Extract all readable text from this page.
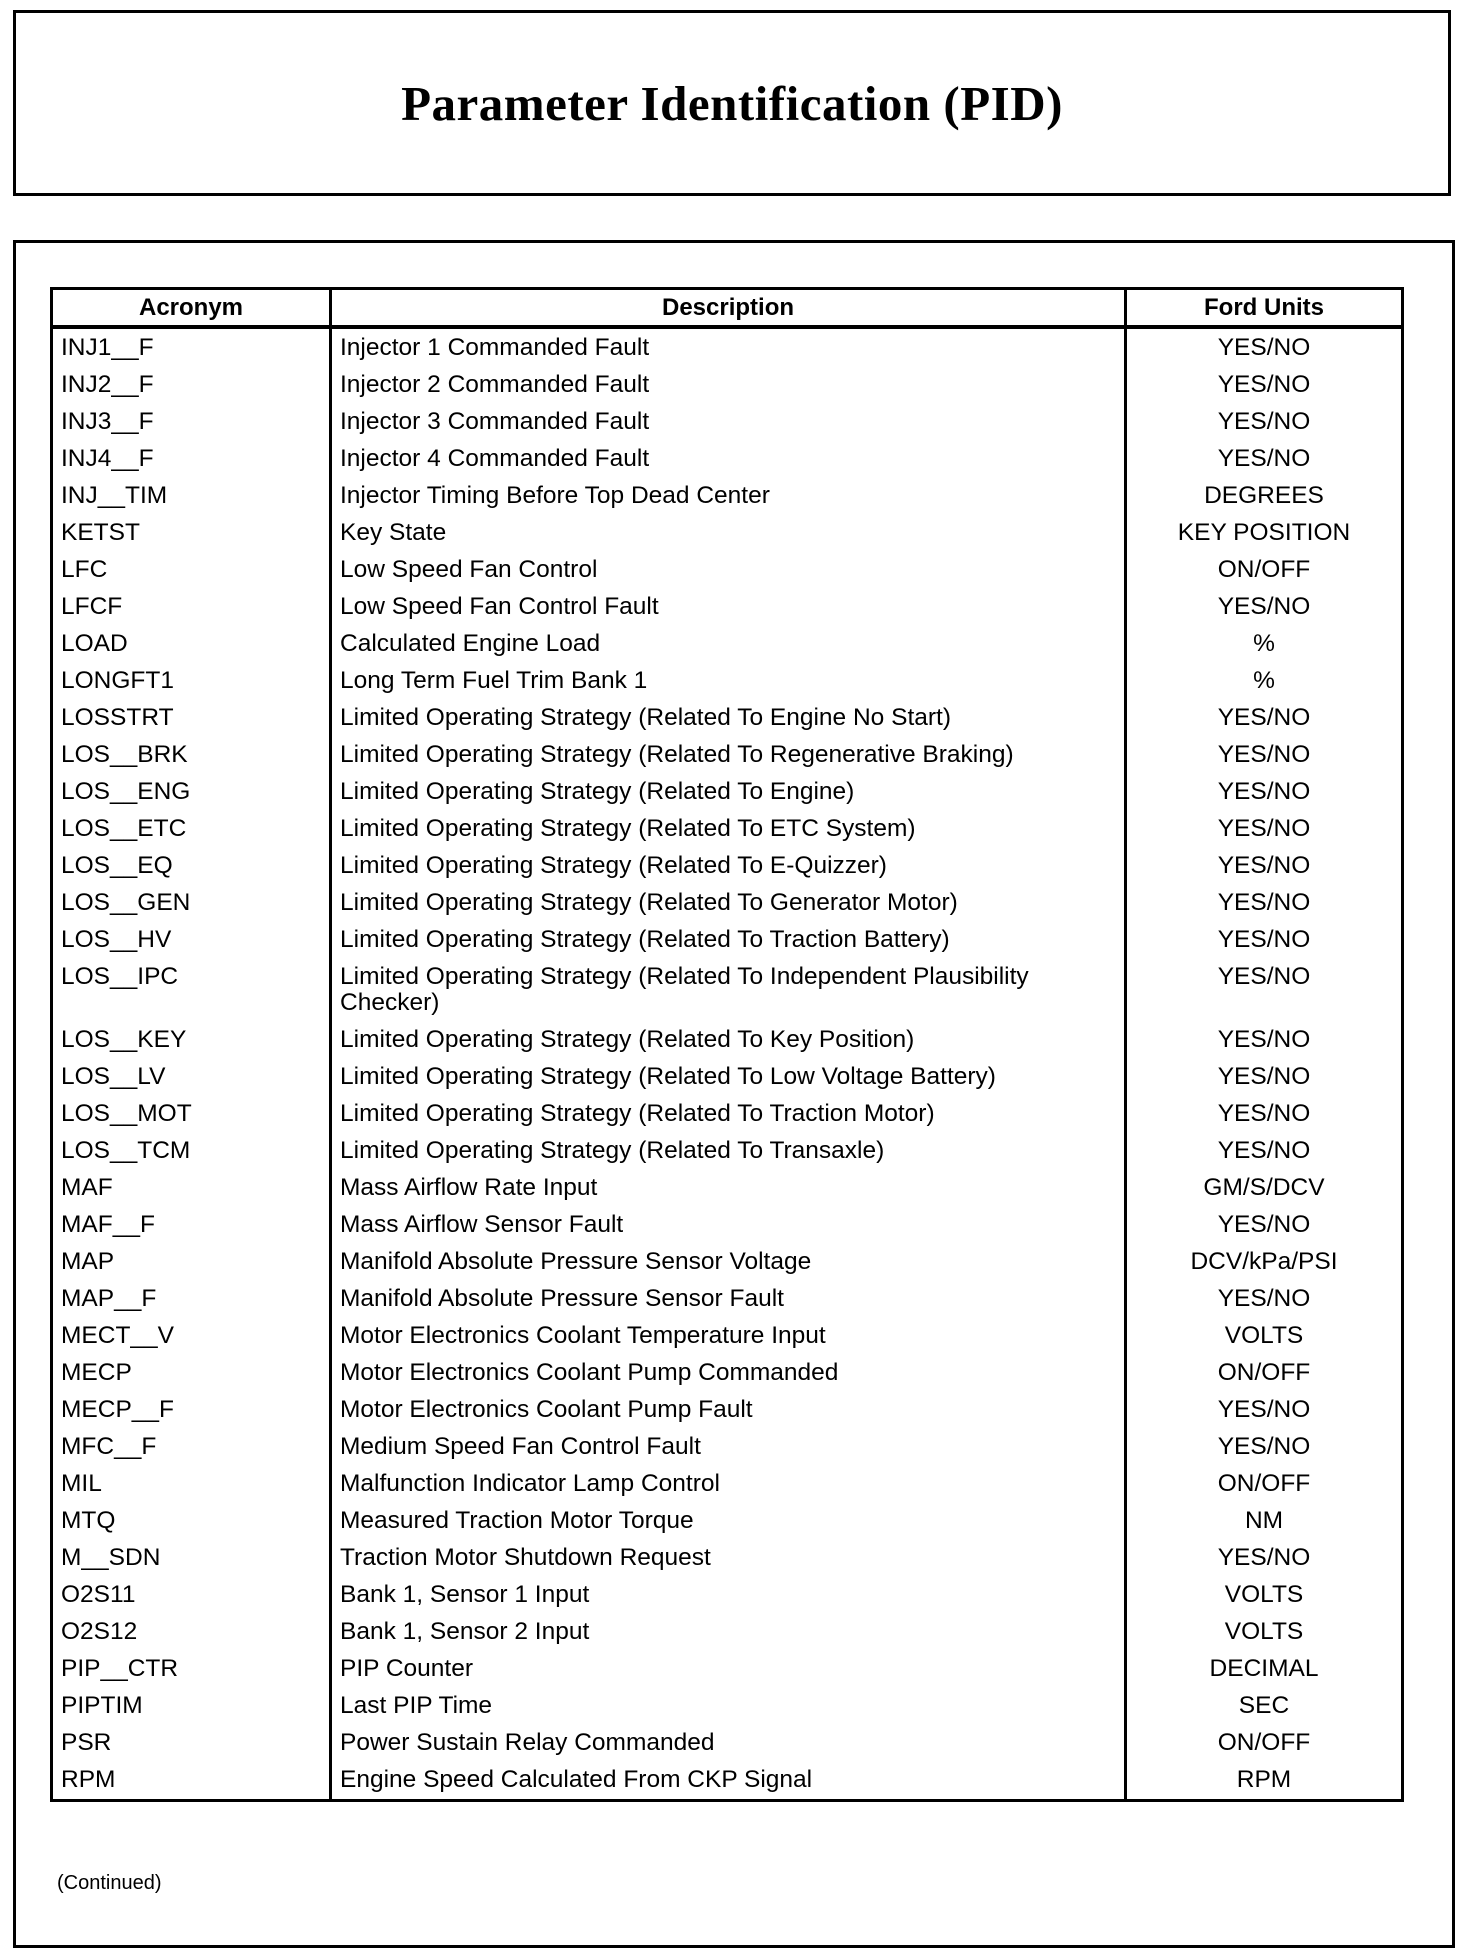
Parameter Identification (PID)
Acronym	Description	Ford Units
INJ1__F	Injector 1 Commanded Fault	YES/NO
INJ2__F	Injector 2 Commanded Fault	YES/NO
INJ3__F	Injector 3 Commanded Fault	YES/NO
INJ4__F	Injector 4 Commanded Fault	YES/NO
INJ__TIM	Injector Timing Before Top Dead Center	DEGREES
KETST	Key State	KEY POSITION
LFC	Low Speed Fan Control	ON/OFF
LFCF	Low Speed Fan Control Fault	YES/NO
LOAD	Calculated Engine Load	%
LONGFT1	Long Term Fuel Trim Bank 1	%
LOSSTRT	Limited Operating Strategy (Related To Engine No Start)	YES/NO
LOS__BRK	Limited Operating Strategy (Related To Regenerative Braking)	YES/NO
LOS__ENG	Limited Operating Strategy (Related To Engine)	YES/NO
LOS__ETC	Limited Operating Strategy (Related To ETC System)	YES/NO
LOS__EQ	Limited Operating Strategy (Related To E-Quizzer)	YES/NO
LOS__GEN	Limited Operating Strategy (Related To Generator Motor)	YES/NO
LOS__HV	Limited Operating Strategy (Related To Traction Battery)	YES/NO
LOS__IPC	Limited Operating Strategy (Related To Independent Plausibility Checker)	YES/NO
LOS__KEY	Limited Operating Strategy (Related To Key Position)	YES/NO
LOS__LV	Limited Operating Strategy (Related To Low Voltage Battery)	YES/NO
LOS__MOT	Limited Operating Strategy (Related To Traction Motor)	YES/NO
LOS__TCM	Limited Operating Strategy (Related To Transaxle)	YES/NO
MAF	Mass Airflow Rate Input	GM/S/DCV
MAF__F	Mass Airflow Sensor Fault	YES/NO
MAP	Manifold Absolute Pressure Sensor Voltage	DCV/kPa/PSI
MAP__F	Manifold Absolute Pressure Sensor Fault	YES/NO
MECT__V	Motor Electronics Coolant Temperature Input	VOLTS
MECP	Motor Electronics Coolant Pump Commanded	ON/OFF
MECP__F	Motor Electronics Coolant Pump Fault	YES/NO
MFC__F	Medium Speed Fan Control Fault	YES/NO
MIL	Malfunction Indicator Lamp Control	ON/OFF
MTQ	Measured Traction Motor Torque	NM
M__SDN	Traction Motor Shutdown Request	YES/NO
O2S11	Bank 1, Sensor 1 Input	VOLTS
O2S12	Bank 1, Sensor 2 Input	VOLTS
PIP__CTR	PIP Counter	DECIMAL
PIPTIM	Last PIP Time	SEC
PSR	Power Sustain Relay Commanded	ON/OFF
RPM	Engine Speed Calculated From CKP Signal	RPM
(Continued)
